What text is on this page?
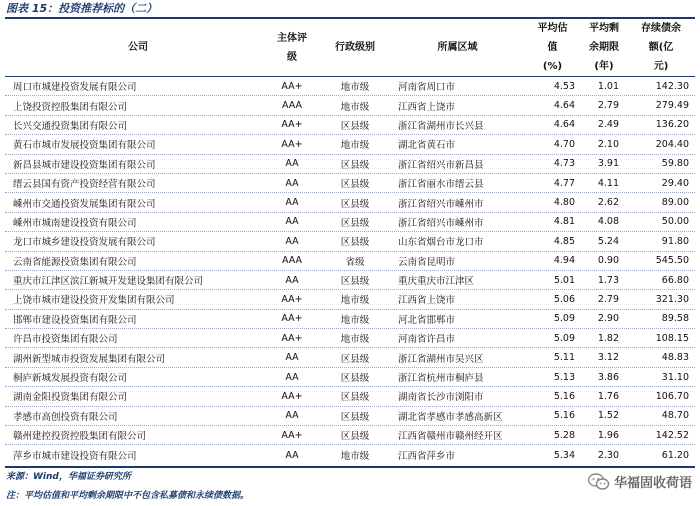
图表 15：投资推荐标的（二）
公司
主体评
级
行政级别	所属区域
平均估
值
(%)
平均剩
余期限
(年)
存续债余
额(亿
元)
周口市城建投资发展有限公司	AA+	地市级	河南省周口市	4.53	1.01	142.30
上饶投资控股集团有限公司	AAA	地市级	江西省上饶市	4.64	2.79	279.49
长兴交通投资集团有限公司	AA+	区县级	浙江省湖州市长兴县	4.64	2.49	136.20
黄石市城市发展投资集团有限公司	AA+	地市级	湖北省黄石市	4.70	2.10	204.40
新昌县城市建设投资集团有限公司	AA	区县级	浙江省绍兴市新昌县	4.73	3.91	59.80
缙云县国有资产投资经营有限公司	AA	区县级	浙江省丽水市缙云县	4.77	4.11	29.40
嵊州市交通投资发展集团有限公司	AA	区县级	浙江省绍兴市嵊州市	4.80	2.62	89.00
嵊州市城南建设投资有限公司	AA	区县级	浙江省绍兴市嵊州市	4.81	4.08	50.00
龙口市城乡建设投资发展有限公司	AA	区县级	山东省烟台市龙口市	4.85	5.24	91.80
云南省能源投资集团有限公司	AAA	省级	云南省昆明市	4.94	0.90	545.50
重庆市江津区滨江新城开发建设集团有限公司	AA	区县级	重庆重庆市江津区	5.01	1.73	66.80
上饶市城市建设投资开发集团有限公司	AA+	地市级	江西省上饶市	5.06	2.79	321.30
邯郸市建设投资集团有限公司	AA+	地市级	河北省邯郸市	5.09	2.90	89.58
许昌市投资集团有限公司	AA+	地市级	河南省许昌市	5.09	1.82	108.15
湖州新型城市投资发展集团有限公司	AA	区县级	浙江省湖州市吴兴区	5.11	3.12	48.83
桐庐新城发展投资有限公司	AA	区县级	浙江省杭州市桐庐县	5.13	3.86	31.10
湖南金阳投资集团有限公司	AA+	区县级	湖南省长沙市浏阳市	5.16	1.76	106.70
孝感市高创投资有限公司	AA	区县级	湖北省孝感市孝感高新区	5.16	1.52	48.70
赣州建控投资控股集团有限公司	AA+	区县级	江西省赣州市赣州经开区	5.28	1.96	142.52
萍乡市城市建设投资有限公司	AA	地市级	江西省萍乡市	5.34	2.30	61.20
来源：Wind，华福证券研究所
注：平均估值和平均剩余期限中不包含私募债和永续债数据。
华福固收荷语
